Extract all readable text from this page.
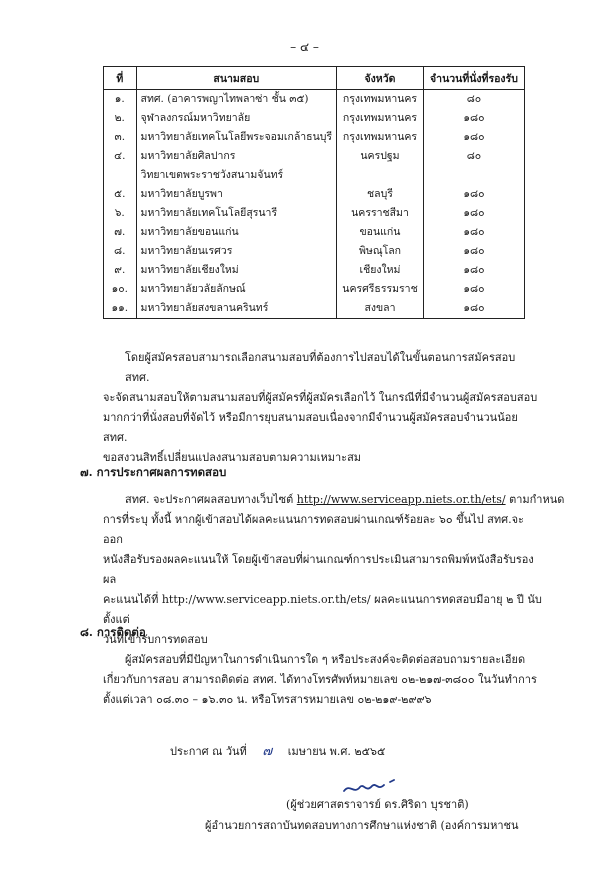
– ๔ –
ที่	สนามสอบ	จังหวัด	จำนวนที่นั่งที่รองรับ
๑.	สทศ. (อาคารพญาไทพลาซ่า ชั้น ๓๕)	กรุงเทพมหานคร	๘๐
๒.	จุฬาลงกรณ์มหาวิทยาลัย	กรุงเทพมหานคร	๑๘๐
๓.	มหาวิทยาลัยเทคโนโลยีพระจอมเกล้าธนบุรี	กรุงเทพมหานคร	๑๘๐
๔.	มหาวิทยาลัยศิลปากร	นครปฐม	๘๐
	วิทยาเขตพระราชวังสนามจันทร์		
๕.	มหาวิทยาลัยบูรพา	ชลบุรี	๑๘๐
๖.	มหาวิทยาลัยเทคโนโลยีสุรนารี	นครราชสีมา	๑๘๐
๗.	มหาวิทยาลัยขอนแก่น	ขอนแก่น	๑๘๐
๘.	มหาวิทยาลัยนเรศวร	พิษณุโลก	๑๘๐
๙.	มหาวิทยาลัยเชียงใหม่	เชียงใหม่	๑๘๐
๑๐.	มหาวิทยาลัยวลัยลักษณ์	นครศรีธรรมราช	๑๘๐
๑๑.	มหาวิทยาลัยสงขลานครินทร์	สงขลา	๑๘๐
โดยผู้สมัครสอบสามารถเลือกสนามสอบที่ต้องการไปสอบได้ในขั้นตอนการสมัครสอบ สทศ.
จะจัดสนามสอบให้ตามสนามสอบที่ผู้สมัครที่ผู้สมัครเลือกไว้ ในกรณีที่มีจำนวนผู้สมัครสอบสอบ
มากกว่าที่นั่งสอบที่จัดไว้ หรือมีการยุบสนามสอบเนื่องจากมีจำนวนผู้สมัครสอบจำนวนน้อย สทศ.
ขอสงวนสิทธิ์เปลี่ยนแปลงสนามสอบตามความเหมาะสม
๗. การประกาศผลการทดสอบ
สทศ. จะประกาศผลสอบทางเว็บไซต์ http://www.serviceapp.niets.or.th/ets/ ตามกำหนด
การที่ระบุ ทั้งนี้ หากผู้เข้าสอบได้ผลคะแนนการทดสอบผ่านเกณฑ์ร้อยละ ๖๐ ขึ้นไป สทศ.จะออก
หนังสือรับรองผลคะแนนให้ โดยผู้เข้าสอบที่ผ่านเกณฑ์การประเมินสามารถพิมพ์หนังสือรับรองผล
คะแนนได้ที่ http://www.serviceapp.niets.or.th/ets/ ผลคะแนนการทดสอบมีอายุ ๒ ปี นับตั้งแต่
วันที่เข้ารับการทดสอบ
๘. การติดต่อ
ผู้สมัครสอบที่มีปัญหาในการดำเนินการใด ๆ หรือประสงค์จะติดต่อสอบถามรายละเอียด
เกี่ยวกับการสอบ สามารถติดต่อ สทศ. ได้ทางโทรศัพท์หมายเลข ๐๒-๒๑๗-๓๘๐๐ ในวันทำการ
ตั้งแต่เวลา ๐๘.๓๐ – ๑๖.๓๐ น. หรือโทรสารหมายเลข ๐๒-๒๑๙-๒๙๙๖
ประกาศ ณ วันที่ ๗ เมษายน พ.ศ. ๒๕๖๕
(ผู้ช่วยศาสตราจารย์ ดร.ศิริดา บุรชาติ)
ผู้อำนวยการสถาบันทดสอบทางการศึกษาแห่งชาติ (องค์การมหาชน
